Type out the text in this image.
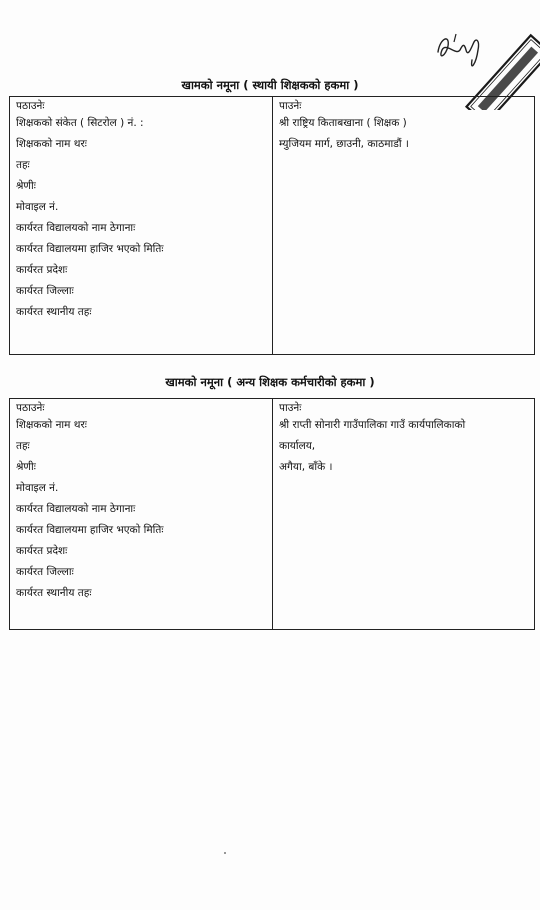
खामको नमूना ( स्थायी शिक्षकको हकमा )
पठाउनेः
शिक्षकको संकेत ( सिटरोल ) नं. :
शिक्षकको नाम थरः
तहः
श्रेणीः
मोवाइल नं.
कार्यरत विद्यालयको नाम ठेगानाः
कार्यरत विद्यालयमा हाजिर भएको मितिः
कार्यरत प्रदेशः
कार्यरत जिल्लाः
कार्यरत स्थानीय तहः
पाउनेः
श्री राष्ट्रिय किताबखाना ( शिक्षक )
म्युजियम मार्ग, छाउनी, काठमाडौं ।
खामको नमूना ( अन्य शिक्षक कर्मचारीको हकमा )
पठाउनेः
शिक्षकको नाम थरः
तहः
श्रेणीः
मोवाइल नं.
कार्यरत विद्यालयको नाम ठेगानाः
कार्यरत विद्यालयमा हाजिर भएको मितिः
कार्यरत प्रदेशः
कार्यरत जिल्लाः
कार्यरत स्थानीय तहः
पाउनेः
श्री राप्ती सोनारी गाउँपालिका गाउँ कार्यपालिकाको
कार्यालय,
अगैया, बाँके ।
